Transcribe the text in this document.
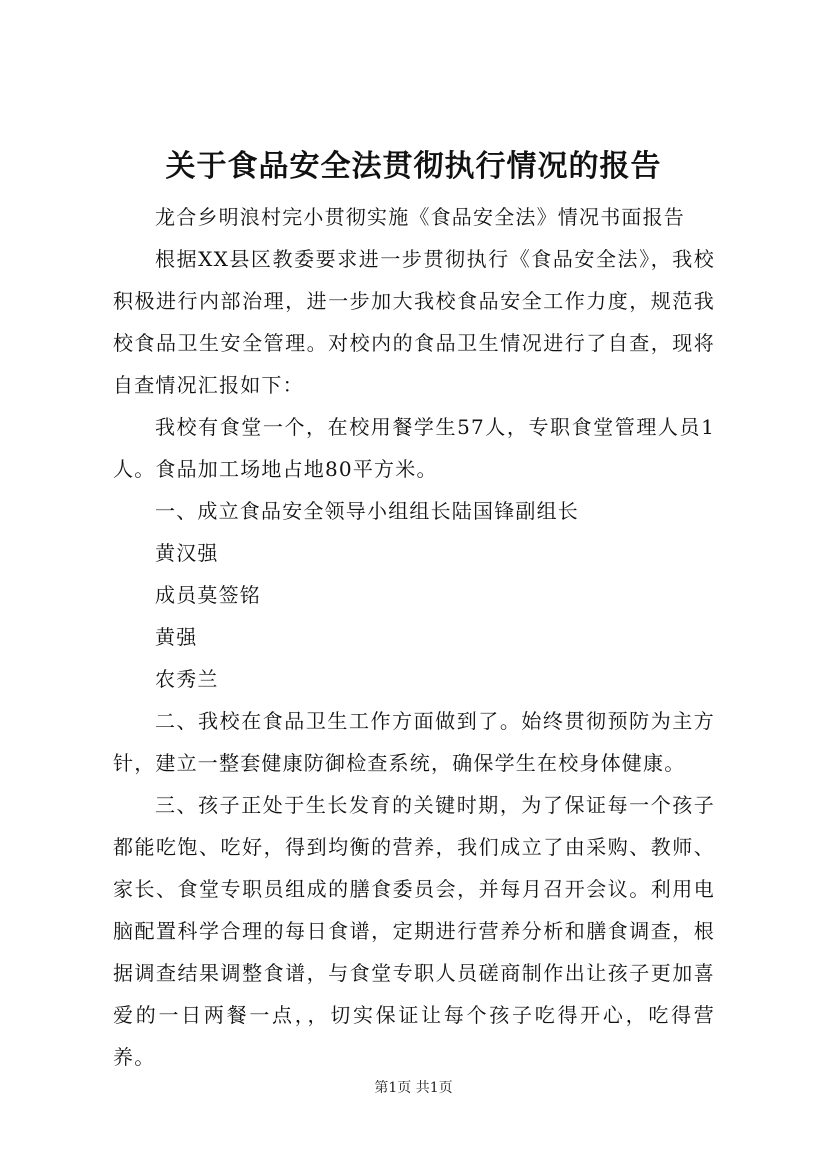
关于食品安全法贯彻执行情况的报告

龙合乡明浪村完小贯彻实施《食品安全法》情况书面报告

根据XX县区教委要求进一步贯彻执行《食品安全法》，我校积极进行内部治理，进一步加大我校食品安全工作力度，规范我校食品卫生安全管理。对校内的食品卫生情况进行了自查，现将自查情况汇报如下：

我校有食堂一个，在校用餐学生57人，专职食堂管理人员1人。食品加工场地占地80平方米。

一、成立食品安全领导小组组长陆国锋副组长

黄汉强

成员莫签铭

黄强

农秀兰

二、我校在食品卫生工作方面做到了。始终贯彻预防为主方针，建立一整套健康防御检查系统，确保学生在校身体健康。

三、孩子正处于生长发育的关键时期，为了保证每一个孩子都能吃饱、吃好，得到均衡的营养，我们成立了由采购、教师、家长、食堂专职员组成的膳食委员会，并每月召开会议。利用电脑配置科学合理的每日食谱，定期进行营养分析和膳食调查，根据调查结果调整食谱，与食堂专职人员磋商制作出让孩子更加喜爱的一日两餐一点，，切实保证让每个孩子吃得开心，吃得营养。

第1页 共1页
